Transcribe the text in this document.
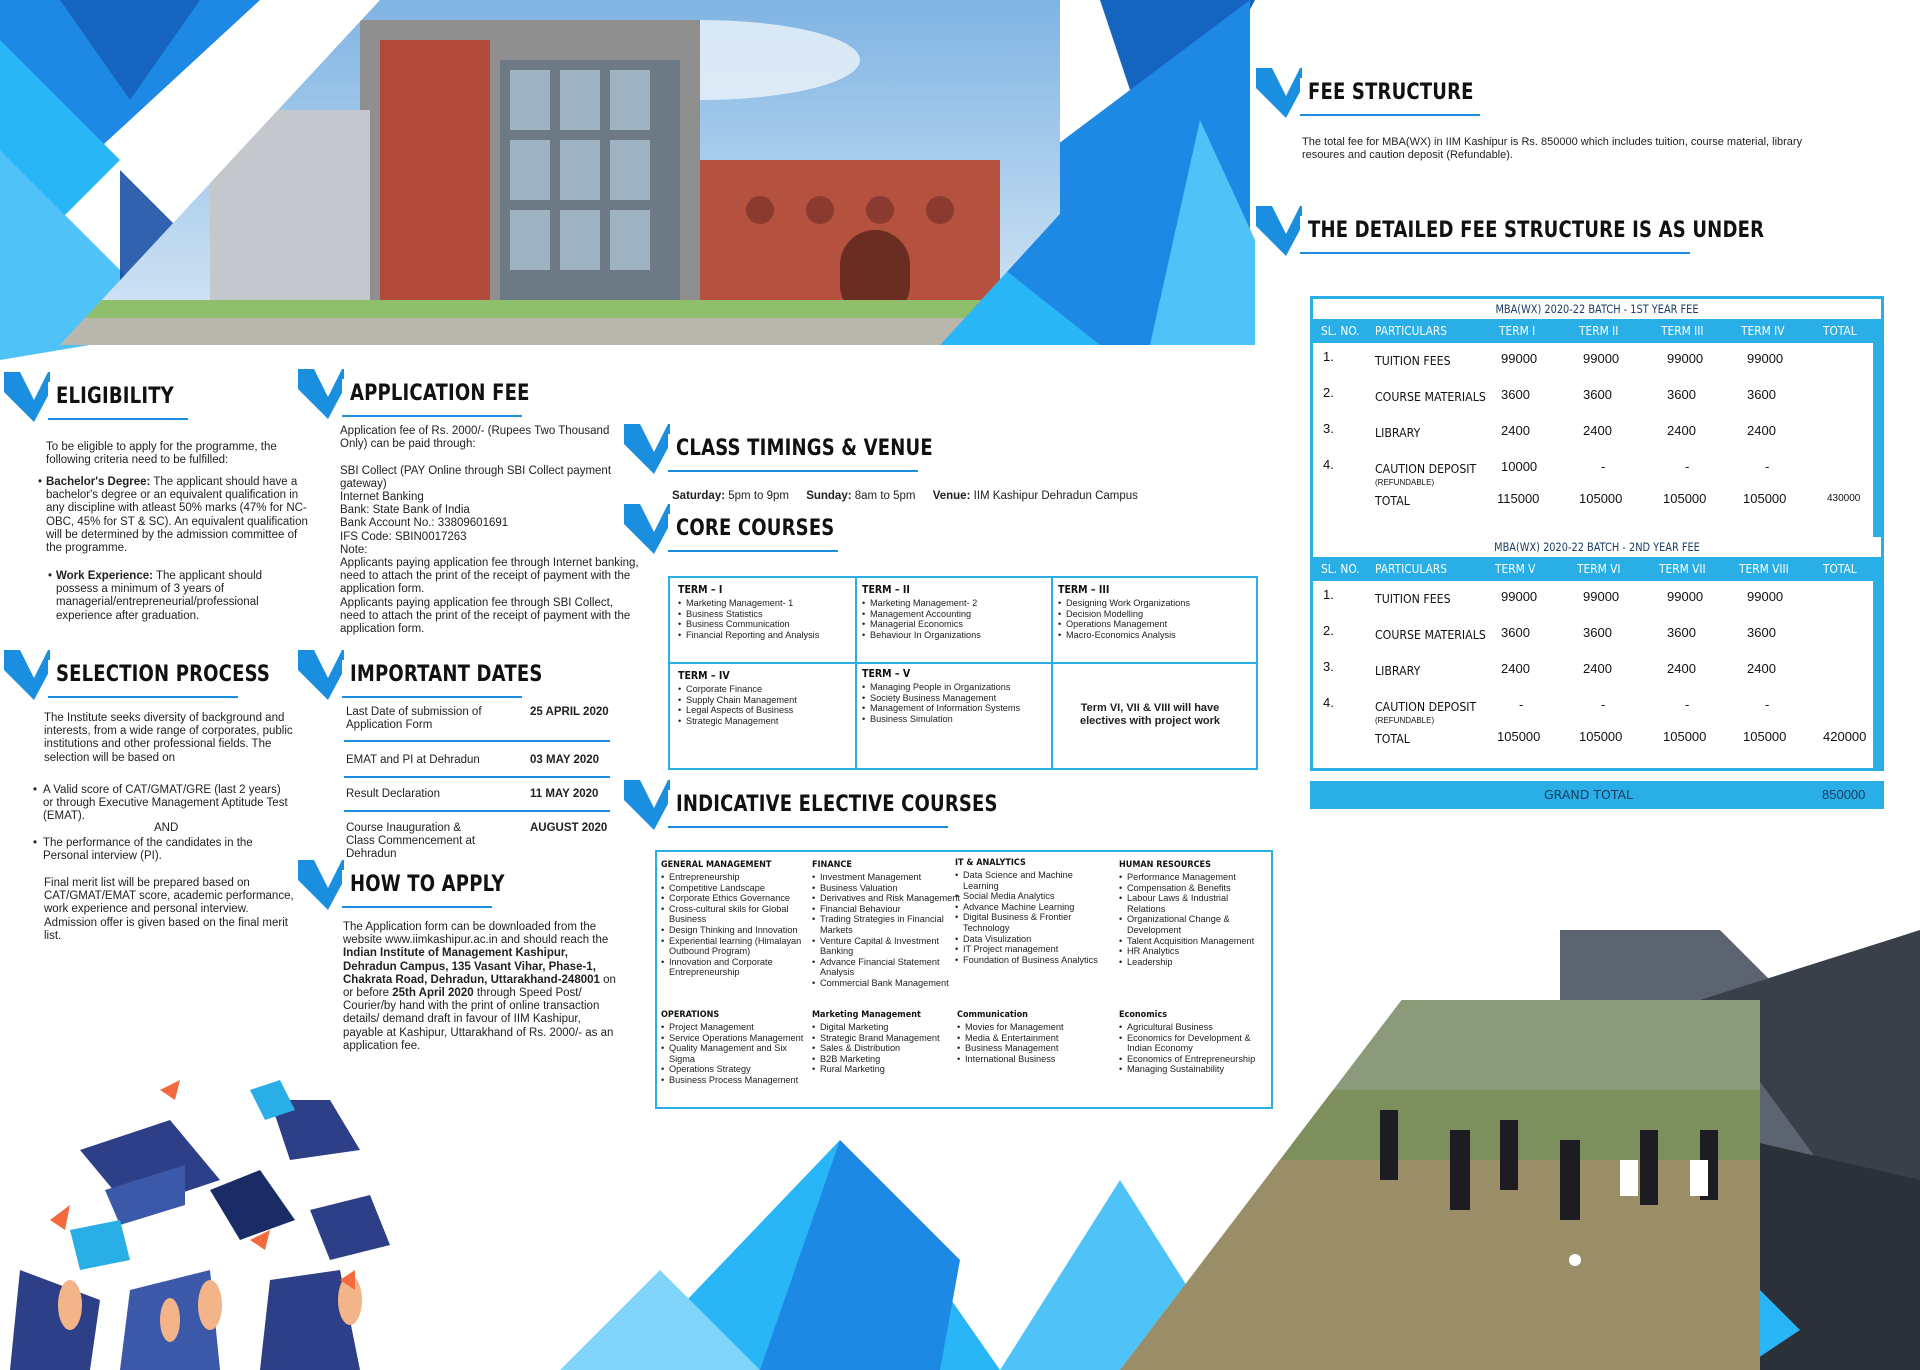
ELIGIBILITY
To be eligible to apply for the programme, the following criteria need to be fulfilled:
• Bachelor's Degree: The applicant should have a bachelor's degree or an equivalent qualification in any discipline with atleast 50% marks (47% for NC-OBC, 45% for ST & SC). An equivalent qualification will be determined by the admission committee of the programme.
• Work Experience: The applicant should possess a minimum of 3 years of managerial/entrepreneurial/professional experience after graduation.
SELECTION PROCESS
The Institute seeks diversity of background and interests, from a wide range of corporates, public institutions and other professional fields. The selection will be based on
• A Valid score of CAT/GMAT/GRE (last 2 years) or through Executive Management Aptitude Test (EMAT).
AND
• The performance of the candidates in the Personal interview (PI).
Final merit list will be prepared based on CAT/GMAT/EMAT score, academic performance, work experience and personal interview. Admission offer is given based on the final merit list.
APPLICATION FEE

Application fee of Rs. 2000/- (Rupees Two Thousand Only) can be paid through:

SBI Collect (PAY Online through SBI Collect payment gateway)

Internet Banking

Bank: State Bank of India

Bank Account No.: 33809601691

IFS Code: SBIN0017263

Note:

Applicants paying application fee through Internet banking, need to attach the print of the receipt of payment with the application form.

Applicants paying application fee through SBI Collect, need to attach the print of the receipt of payment with the application form.

IMPORTANT DATES
Last Date of submission of Application Form
25 APRIL 2020
EMAT and PI at Dehradun	03 MAY 2020
Result Declaration	11 MAY 2020
Course Inauguration & Class Commencement at Dehradun
AUGUST 2020
HOW TO APPLY
The Application form can be downloaded from the website www.iimkashipur.ac.in and should reach the Indian Institute of Management Kashipur, Dehradun Campus, 135 Vasant Vihar, Phase-1, Chakrata Road, Dehradun, Uttarakhand-248001 on or before 25th April 2020 through Speed Post/ Courier/by hand with the print of online transaction details/ demand draft in favour of IIM Kashipur, payable at Kashipur, Uttarakhand of Rs. 2000/- as an application fee.
CLASS TIMINGS & VENUE
Saturday: 5pm to 9pm Sunday: 8am to 5pm Venue: IIM Kashipur Dehradun Campus
CORE COURSES
TERM – I
• Marketing Management- 1
• Business Statistics
• Business Communication
• Financial Reporting and Analysis
TERM – II
• Marketing Management- 2
• Management Accounting
• Managerial Economics
• Behaviour In Organizations
TERM – III
• Designing Work Organizations
• Decision Modelling
• Operations Management
• Macro-Economics Analysis
TERM – IV
• Corporate Finance
• Supply Chain Management
• Legal Aspects of Business
• Strategic Management
TERM – V
• Managing People in Organizations
• Society Business Management
• Management of Information Systems
• Business Simulation
Term VI, VII & VIII will have electives with project work
INDICATIVE ELECTIVE COURSES
GENERAL MANAGEMENT
• Entrepreneurship
• Competitive Landscape
• Corporate Ethics Governance
• Cross-cultural skils for Global Business
• Design Thinking and Innovation
• Experiential learning (Himalayan Outbound Program)
• Innovation and Corporate Entrepreneurship
FINANCE
• Investment Management
• Business Valuation
• Derivatives and Risk Management
• Financial Behaviour
• Trading Strategies in Financial Markets
• Venture Capital & Investment Banking
• Advance Financial Statement Analysis
• Commercial Bank Management
IT & ANALYTICS
• Data Science and Machine Learning
• Social Media Analytics
• Advance Machine Learning
• Digital Business & Frontier Technology
• Data Visulization
• IT Project management
• Foundation of Business Analytics
HUMAN RESOURCES
• Performance Management
• Compensation & Benefits
• Labour Laws & Industrial Relations
• Organizational Change & Development
• Talent Acquisition Management
• HR Analytics
• Leadership
OPERATIONS
• Project Management
• Service Operations Management
• Quality Management and Six Sigma
• Operations Strategy
• Business Process Management
Marketing Management
• Digital Marketing
• Strategic Brand Management
• Sales & Distribution
• B2B Marketing
• Rural Marketing
Communication
• Movies for Management
• Media & Entertainment
• Business Management
• International Business
Economics
• Agricultural Business
• Economics for Development & Indian Economy
• Economics of Entrepreneurship
• Managing Sustainability
FEE STRUCTURE
The total fee for MBA(WX) in IIM Kashipur is Rs. 850000 which includes tuition, course material, library resoures and caution deposit (Refundable).
THE DETAILED FEE STRUCTURE IS AS UNDER
MBA(WX) 2020-22 BATCH - 1ST YEAR FEE
SL. NO. PARTICULARS	TERM I	TERM II	TERM III	TERM IV	TOTAL
1.	TUITION FEES	99000	99000	99000	99000
2.	COURSE MATERIALS 3600	3600	3600	3600
3.	LIBRARY	2400	2400	2400	2400
4.	CAUTION DEPOSIT
(REFUNDABLE)
10000	-	-	-
TOTAL	115000	105000	105000	105000	430000
MBA(WX) 2020-22 BATCH - 2ND YEAR FEE
SL. NO. PARTICULARS	TERM V	TERM VI	TERM VII	TERM VIII	TOTAL
1.	TUITION FEES	99000	99000	99000	99000
2.	COURSE MATERIALS 3600	3600	3600	3600
3.	LIBRARY	2400	2400	2400	2400
4.	CAUTION DEPOSIT
(REFUNDABLE)
-	-	-	-
TOTAL	105000	105000	105000	105000	420000
GRAND TOTAL	850000
